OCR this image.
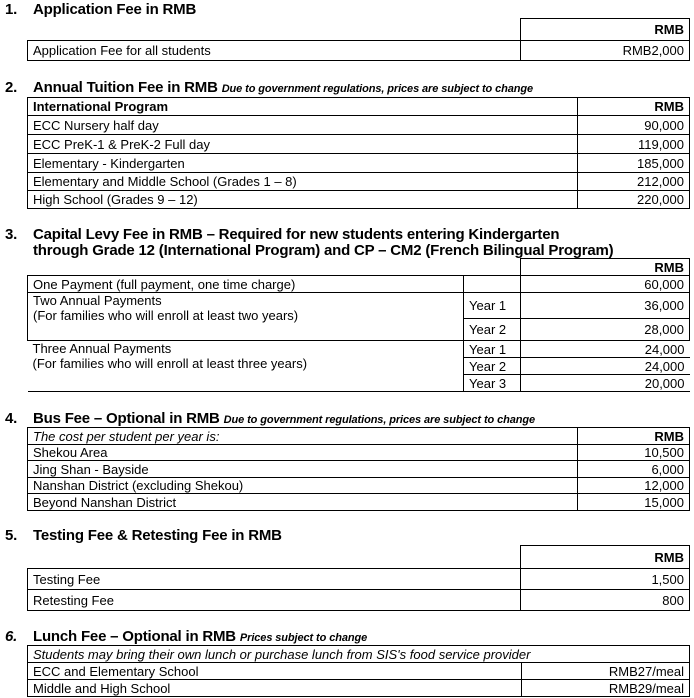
1. Application Fee in RMB
	RMB
Application Fee for all students	RMB2,000
2. Annual Tuition Fee in RMB Due to government regulations, prices are subject to change
International Program	RMB
ECC Nursery half day	90,000
ECC PreK-1 & PreK-2 Full day	119,000
Elementary - Kindergarten	185,000
Elementary and Middle School (Grades 1 – 8)	212,000
High School (Grades 9 – 12)	220,000
3. Capital Levy Fee in RMB – Required for new students entering Kindergarten
through Grade 12 (International Program) and CP – CM2 (French Bilingual Program)
		RMB
One Payment (full payment, one time charge)		60,000

Two Annual Payments
(For families who will enroll at least two years)	Year 1	36,000
	Year 2	28,000

Three Annual Payments
(For families who will enroll at least three years)	Year 1	24,000
	Year 2	24,000
	Year 3	20,000
4. Bus Fee – Optional in RMB Due to government regulations, prices are subject to change
The cost per student per year is:	RMB
Shekou Area	10,500
Jing Shan - Bayside	6,000
Nanshan District (excluding Shekou)	12,000
Beyond Nanshan District	15,000
5. Testing Fee & Retesting Fee in RMB
	RMB
Testing Fee	1,500
Retesting Fee	800
6. Lunch Fee – Optional in RMB Prices subject to change
Students may bring their own lunch or purchase lunch from SIS's food service provider	
ECC and Elementary School	RMB27/meal
Middle and High School	RMB29/meal
